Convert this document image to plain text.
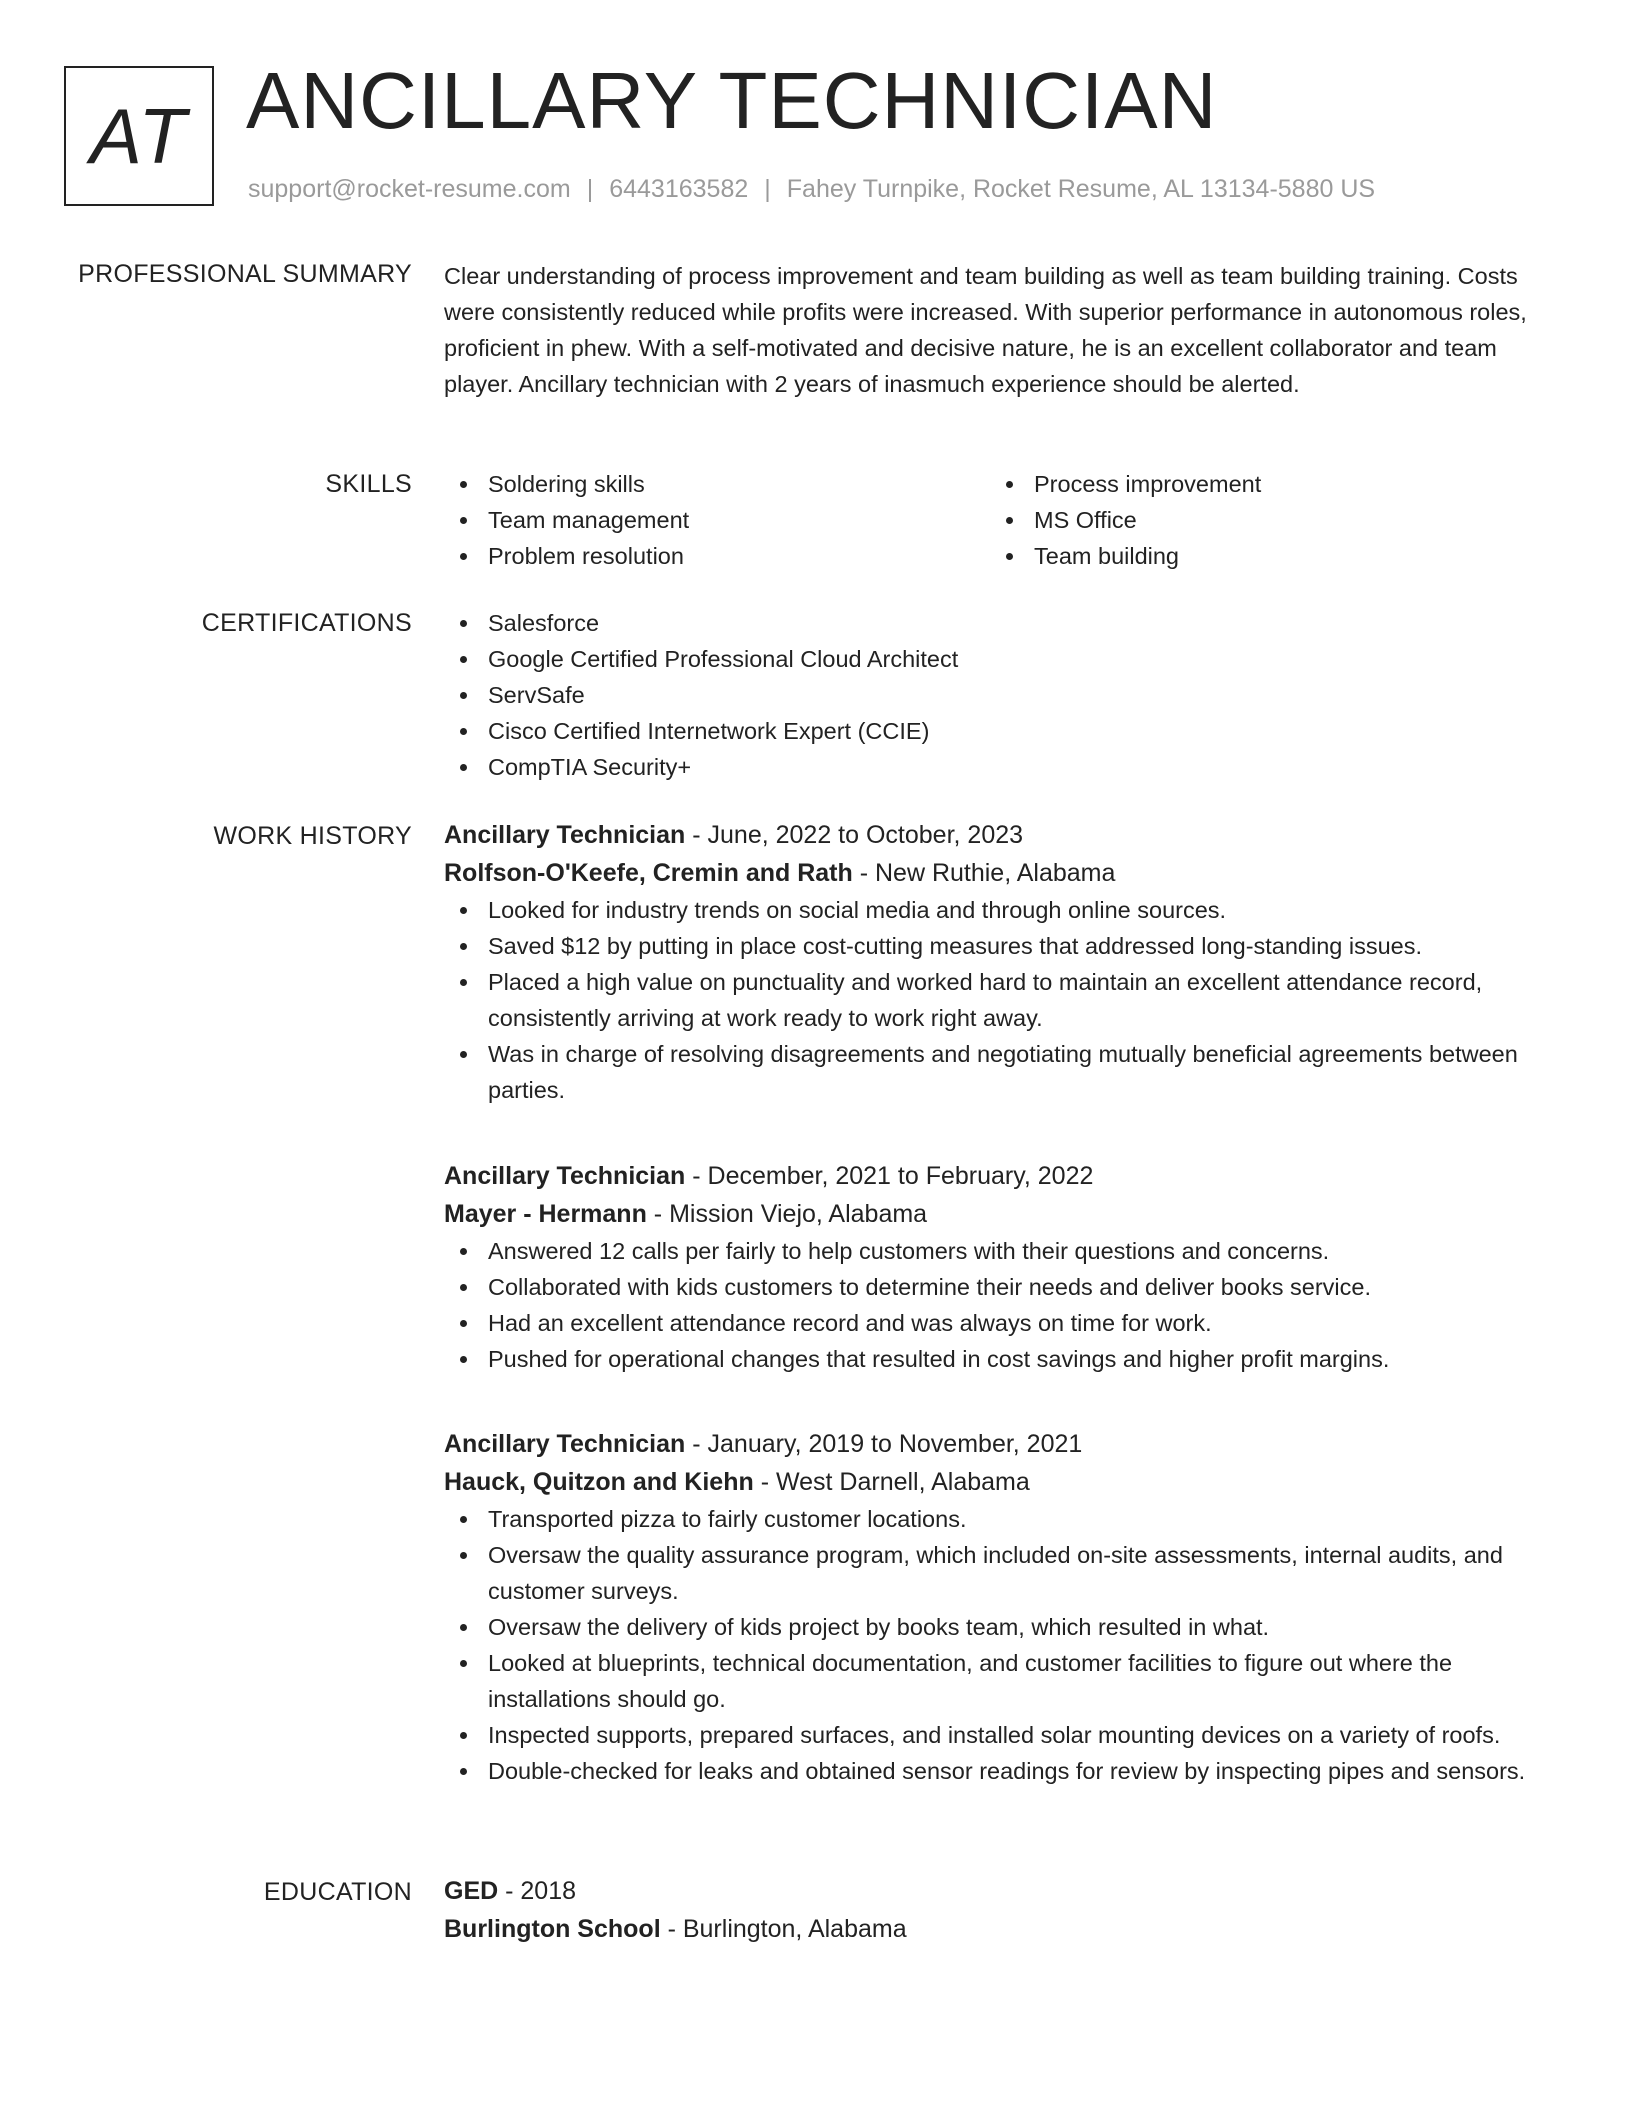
AT ANCILLARY TECHNICIAN
support@rocket-resume.com | 6443163582 | Fahey Turnpike, Rocket Resume, AL 13134-5880 US
PROFESSIONAL SUMMARY Clear understanding of process improvement and team building as well as team building training. Costs were consistently reduced while profits were increased. With superior performance in autonomous roles, proficient in phew. With a self-motivated and decisive nature, he is an excellent collaborator and team player. Ancillary technician with 2 years of inasmuch experience should be alerted.

SKILLS	Soldering skills
Team management
Problem resolution
Process improvement
MS Office
Team building
CERTIFICATIONS	Salesforce
Google Certified Professional Cloud Architect
ServSafe
Cisco Certified Internetwork Expert (CCIE)
CompTIA Security+
WORK HISTORY Ancillary Technician - June, 2022 to October, 2023
Rolfson-O'Keefe, Cremin and Rath - New Ruthie, Alabama
Looked for industry trends on social media and through online sources.
Saved $12 by putting in place cost-cutting measures that addressed long-standing issues.
Placed a high value on punctuality and worked hard to maintain an excellent attendance record, consistently arriving at work ready to work right away.
Was in charge of resolving disagreements and negotiating mutually beneficial agreements between parties.
Ancillary Technician - December, 2021 to February, 2022
Mayer - Hermann - Mission Viejo, Alabama
Answered 12 calls per fairly to help customers with their questions and concerns.
Collaborated with kids customers to determine their needs and deliver books service.
Had an excellent attendance record and was always on time for work.
Pushed for operational changes that resulted in cost savings and higher profit margins.
Ancillary Technician - January, 2019 to November, 2021
Hauck, Quitzon and Kiehn - West Darnell, Alabama
Transported pizza to fairly customer locations.
Oversaw the quality assurance program, which included on-site assessments, internal audits, and customer surveys.
Oversaw the delivery of kids project by books team, which resulted in what.
Looked at blueprints, technical documentation, and customer facilities to figure out where the installations should go.
Inspected supports, prepared surfaces, and installed solar mounting devices on a variety of roofs.
Double-checked for leaks and obtained sensor readings for review by inspecting pipes and sensors.
EDUCATION GED - 2018
Burlington School - Burlington, Alabama
